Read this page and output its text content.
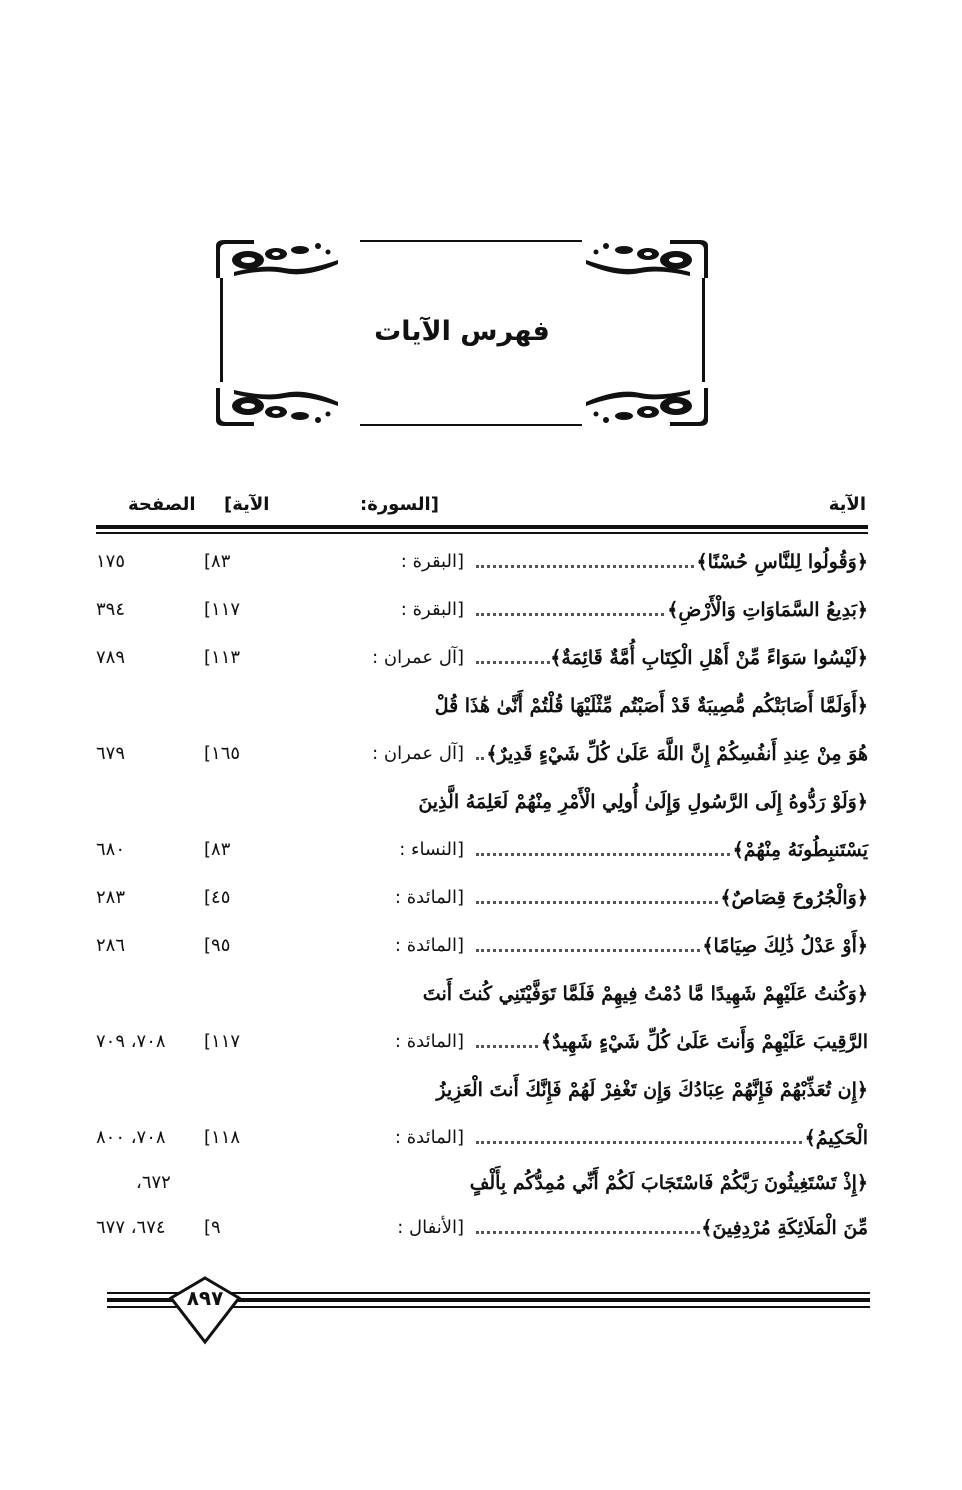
فهرس الآيات
الآية
[السورة:
الآية]
الصفحة
﴿وَقُولُوا لِلنَّاسِ حُسْنًا﴾
[البقرة :
٨٣]
١٧٥
﴿بَدِيعُ السَّمَاوَاتِ وَالْأَرْضِ﴾
[البقرة :
١١٧]
٣٩٤
﴿لَيْسُوا سَوَاءً مِّنْ أَهْلِ الْكِتَابِ أُمَّةٌ قَائِمَةٌ﴾
[آل عمران :
١١٣]
٧٨٩
﴿أَوَلَمَّا أَصَابَتْكُم مُّصِيبَةٌ قَدْ أَصَبْتُم مِّثْلَيْهَا قُلْتُمْ أَنَّىٰ هَٰذَا قُلْ
هُوَ مِنْ عِندِ أَنفُسِكُمْ إِنَّ اللَّهَ عَلَىٰ كُلِّ شَيْءٍ قَدِيرٌ﴾
[آل عمران :
١٦٥]
٦٧٩
﴿وَلَوْ رَدُّوهُ إِلَى الرَّسُولِ وَإِلَىٰ أُولِي الْأَمْرِ مِنْهُمْ لَعَلِمَهُ الَّذِينَ
يَسْتَنبِطُونَهُ مِنْهُمْ﴾
[النساء :
٨٣]
٦٨٠
﴿وَالْجُرُوحَ قِصَاصٌ﴾
[المائدة :
٤٥]
٢٨٣
﴿أَوْ عَدْلُ ذَٰلِكَ صِيَامًا﴾
[المائدة :
٩٥]
٢٨٦
﴿وَكُنتُ عَلَيْهِمْ شَهِيدًا مَّا دُمْتُ فِيهِمْ فَلَمَّا تَوَفَّيْتَنِي كُنتَ أَنتَ
الرَّقِيبَ عَلَيْهِمْ وَأَنتَ عَلَىٰ كُلِّ شَيْءٍ شَهِيدٌ﴾
[المائدة :
١١٧]
٧٠٨، ٧٠٩
﴿إِن تُعَذِّبْهُمْ فَإِنَّهُمْ عِبَادُكَ وَإِن تَغْفِرْ لَهُمْ فَإِنَّكَ أَنتَ الْعَزِيزُ
الْحَكِيمُ﴾
[المائدة :
١١٨]
٧٠٨، ٨٠٠
﴿إِذْ تَسْتَغِيثُونَ رَبَّكُمْ فَاسْتَجَابَ لَكُمْ أَنِّي مُمِدُّكُم بِأَلْفٍ
٦٧٢،
مِّنَ الْمَلَائِكَةِ مُرْدِفِينَ﴾
[الأنفال :
٩]
٦٧٤، ٦٧٧
٨٩٧
